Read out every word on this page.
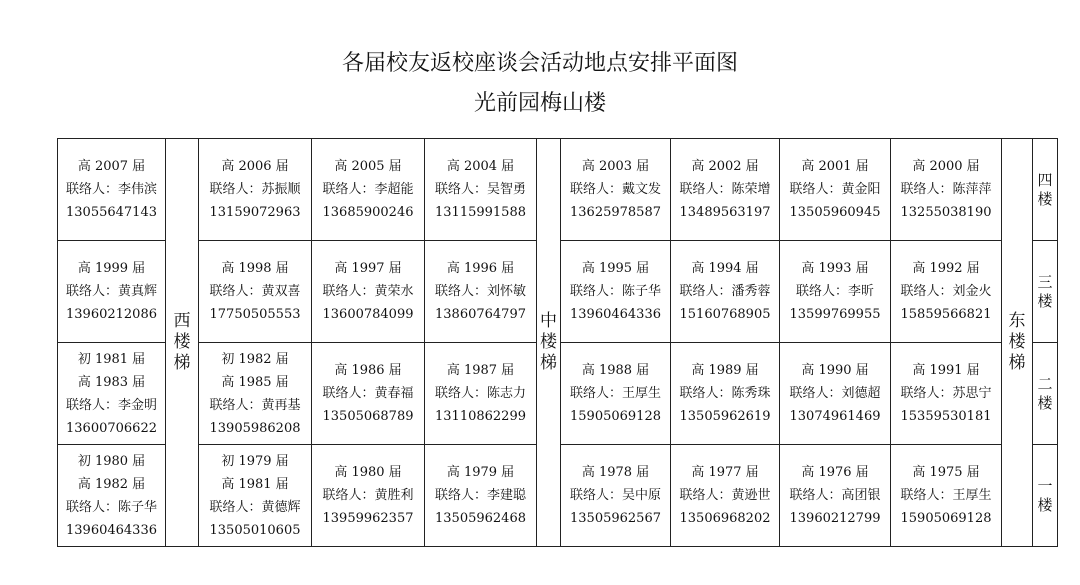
各届校友返校座谈会活动地点安排平面图
光前园梅山楼
高 2007 届
联络人：李伟滨
13055647143
高 2006 届
联络人：苏振顺
13159072963
高 2005 届
联络人：李超能
13685900246
高 2004 届
联络人：吴智勇
13115991588
高 2003 届
联络人：戴文发
13625978587
高 2002 届
联络人：陈荣增
13489563197
高 2001 届
联络人：黄金阳
13505960945
高 2000 届
联络人：陈萍萍
13255038190
高 1999 届
联络人：黄真辉
13960212086
高 1998 届
联络人：黄双喜
17750505553
高 1997 届
联络人：黄荣水
13600784099
高 1996 届
联络人：刘怀敏
13860764797
高 1995 届
联络人：陈子华
13960464336
高 1994 届
联络人：潘秀蓉
15160768905
高 1993 届
联络人：李昕
13599769955
高 1992 届
联络人：刘金火
15859566821
初 1981 届
高 1983 届
联络人：李金明
13600706622
初 1982 届
高 1985 届
联络人：黄再基
13905986208
高 1986 届
联络人：黄春福
13505068789
高 1987 届
联络人：陈志力
13110862299
高 1988 届
联络人：王厚生
15905069128
高 1989 届
联络人：陈秀珠
13505962619
高 1990 届
联络人：刘德超
13074961469
高 1991 届
联络人：苏思宁
15359530181
初 1980 届
高 1982 届
联络人：陈子华
13960464336
初 1979 届
高 1981 届
联络人：黄德辉
13505010605
高 1980 届
联络人：黄胜利
13959962357
高 1979 届
联络人：李建聪
13505962468
高 1978 届
联络人：吴中原
13505962567
高 1977 届
联络人：黄逊世
13506968202
高 1976 届
联络人：高团银
13960212799
高 1975 届
联络人：王厚生
15905069128
西楼梯
中楼梯
东楼梯
四楼
三楼
二楼
一楼
